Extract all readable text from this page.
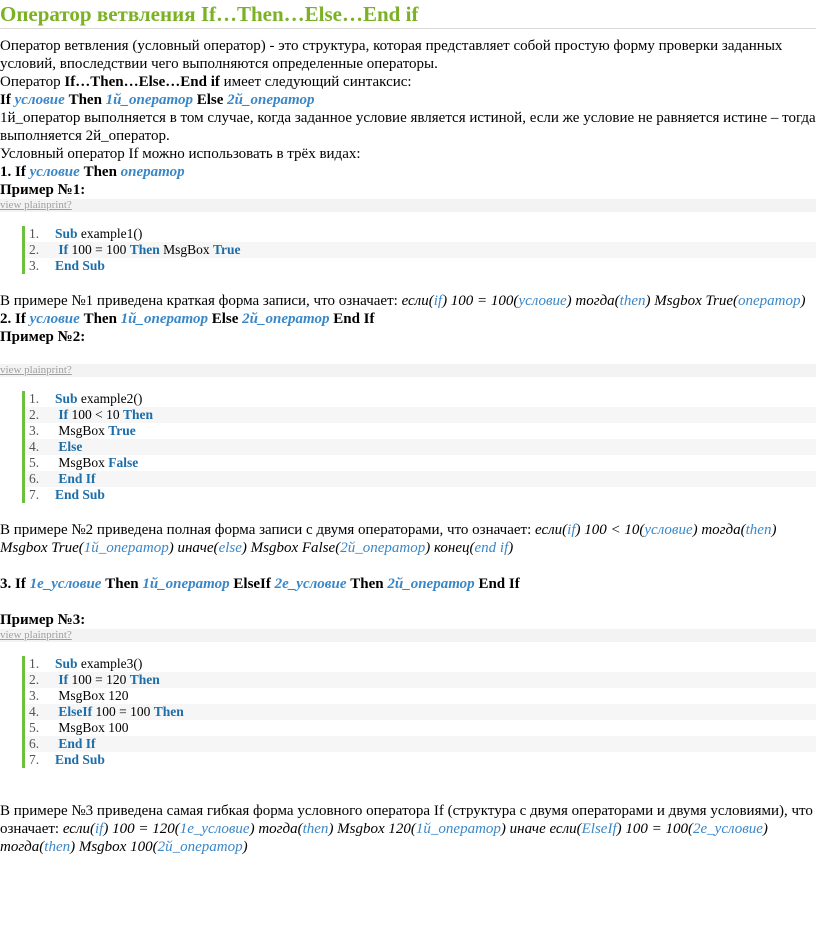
Оператор ветвления If…Then…Else…End if

Оператор ветвления (условный оператор) - это структура, которая представляет собой простую форму проверки заданных условий, впоследствии чего выполняются определенные операторы.

Оператор If…Then…Else…End if имеет следующий синтаксис:

If условие Then 1й_оператор Else 2й_оператор

1й_оператор выполняется в том случае, когда заданное условие является истиной, если же условие не равняется истине – тогда выполняется 2й_оператор.

Условный оператор If можно использовать в трёх видах:

1. If условие Then оператор

Пример №1:

view plainprint?
1.	Sub example1()
2.	If 100 = 100 Then MsgBox True
3.	End Sub

В примере №1 приведена краткая форма записи, что означает: если(if) 100 = 100(условие) тогда(then) Msgbox True(оператор)

2. If условие Then 1й_оператор Else 2й_оператор End If

Пример №2:

view plainprint?
1.	Sub example2()
2.	If 100 < 10 Then
3.	MsgBox True
4.	Else
5.	MsgBox False
6.	End If
7.	End Sub

В примере №2 приведена полная форма записи с двумя операторами, что означает: если(if) 100 < 10(условие) тогда(then) Msgbox True(1й_оператор) иначе(else) Msgbox False(2й_оператор) конец(end if)

3. If 1е_условие Then 1й_оператор ElseIf 2е_условие Then 2й_оператор End If

Пример №3:

view plainprint?
1.	Sub example3()
2.	If 100 = 120 Then
3.	MsgBox 120
4.	ElseIf 100 = 100 Then
5.	MsgBox 100
6.	End If
7.	End Sub

В примере №3 приведена самая гибкая форма условного оператора If (структура с двумя операторами и двумя условиями), что означает: если(if) 100 = 120(1е_условие) тогда(then) Msgbox 120(1й_оператор) иначе если(ElseIf) 100 = 100(2е_условие) тогда(then) Msgbox 100(2й_оператор)
